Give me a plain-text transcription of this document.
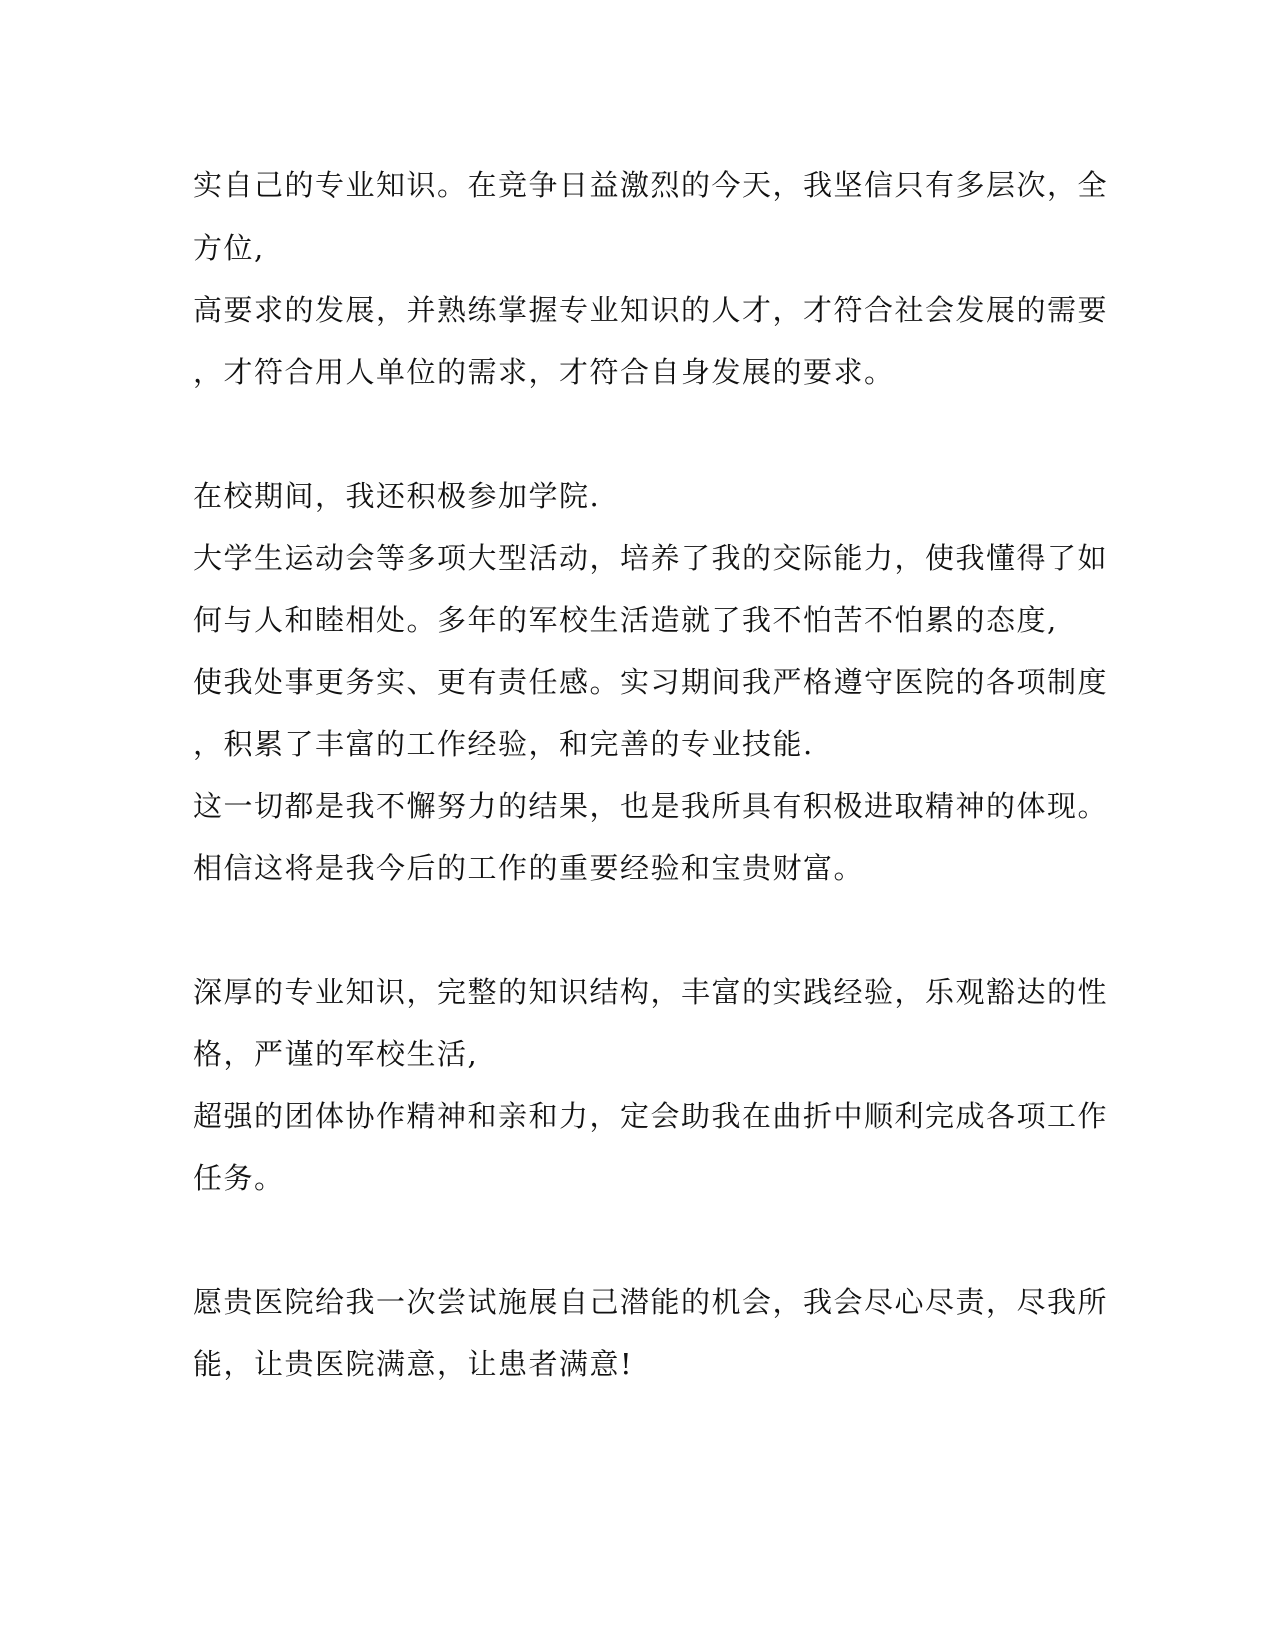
实自己的专业知识。在竞争日益激烈的今天，我坚信只有多层次，全
方位,
高要求的发展，并熟练掌握专业知识的人才，才符合社会发展的需要
，才符合用人单位的需求，才符合自身发展的要求。
在校期间，我还积极参加学院.
大学生运动会等多项大型活动，培养了我的交际能力，使我懂得了如
何与人和睦相处。多年的军校生活造就了我不怕苦不怕累的态度,
使我处事更务实、更有责任感。实习期间我严格遵守医院的各项制度
，积累了丰富的工作经验，和完善的专业技能.
这一切都是我不懈努力的结果，也是我所具有积极进取精神的体现。
相信这将是我今后的工作的重要经验和宝贵财富。
深厚的专业知识，完整的知识结构，丰富的实践经验，乐观豁达的性
格，严谨的军校生活,
超强的团体协作精神和亲和力，定会助我在曲折中顺利完成各项工作
任务。
愿贵医院给我一次尝试施展自己潜能的机会，我会尽心尽责，尽我所
能，让贵医院满意，让患者满意!
